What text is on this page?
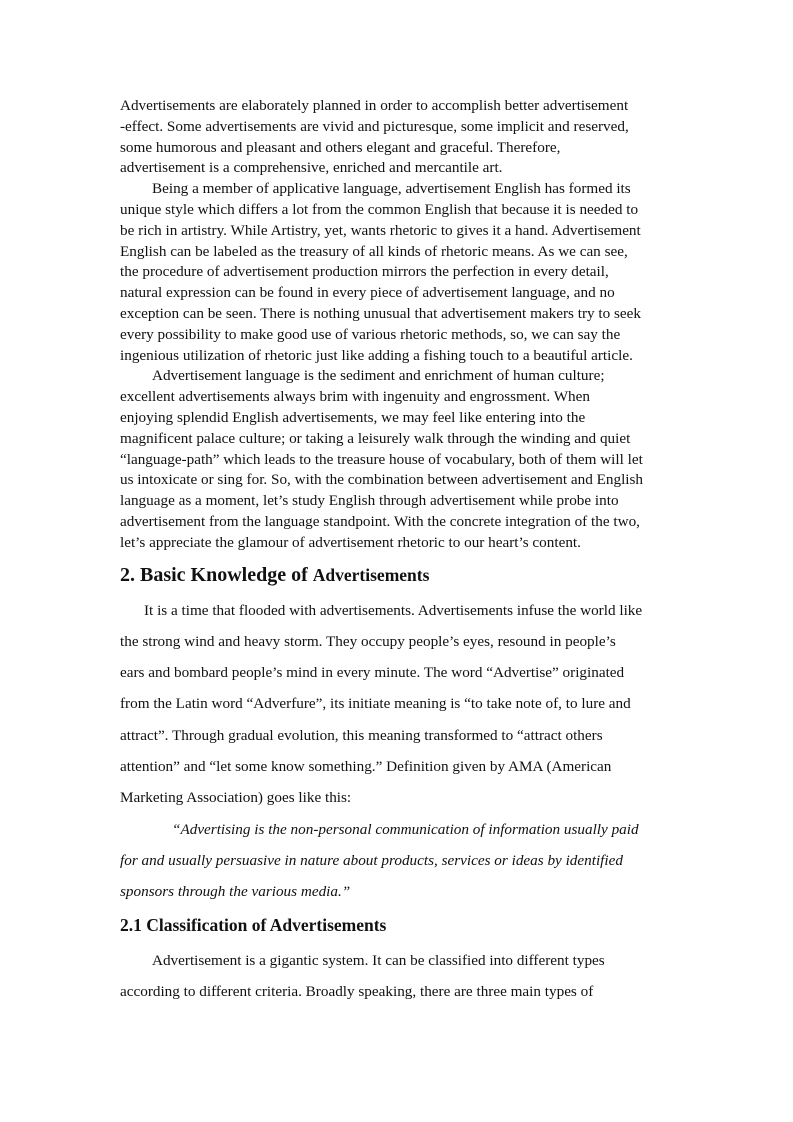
Advertisements are elaborately planned in order to accomplish better advertisement
-effect. Some advertisements are vivid and picturesque, some implicit and reserved,
some humorous and pleasant and others elegant and graceful. Therefore,
advertisement is a comprehensive, enriched and mercantile art.
Being a member of applicative language, advertisement English has formed its
unique style which differs a lot from the common English that because it is needed to
be rich in artistry. While Artistry, yet, wants rhetoric to gives it a hand. Advertisement
English can be labeled as the treasury of all kinds of rhetoric means. As we can see,
the procedure of advertisement production mirrors the perfection in every detail,
natural expression can be found in every piece of advertisement language, and no
exception can be seen. There is nothing unusual that advertisement makers try to seek
every possibility to make good use of various rhetoric methods, so, we can say the
ingenious utilization of rhetoric just like adding a fishing touch to a beautiful article.
Advertisement language is the sediment and enrichment of human culture;
excellent advertisements always brim with ingenuity and engrossment. When
enjoying splendid English advertisements, we may feel like entering into the
magnificent palace culture; or taking a leisurely walk through the winding and quiet
“language-path” which leads to the treasure house of vocabulary, both of them will let
us intoxicate or sing for. So, with the combination between advertisement and English
language as a moment, let’s study English through advertisement while probe into
advertisement from the language standpoint. With the concrete integration of the two,
let’s appreciate the glamour of advertisement rhetoric to our heart’s content.
2. Basic Knowledge of Advertisements
It is a time that flooded with advertisements. Advertisements infuse the world like
the strong wind and heavy storm. They occupy people’s eyes, resound in people’s
ears and bombard people’s mind in every minute. The word “Advertise” originated
from the Latin word “Adverfure”, its initiate meaning is “to take note of, to lure and
attract”. Through gradual evolution, this meaning transformed to “attract others
attention” and “let some know something.” Definition given by AMA (American
Marketing Association) goes like this:
“Advertising is the non-personal communication of information usually paid
for and usually persuasive in nature about products, services or ideas by identified
sponsors through the various media.”
2.1 Classification of Advertisements
Advertisement is a gigantic system. It can be classified into different types
according to different criteria. Broadly speaking, there are three main types of
